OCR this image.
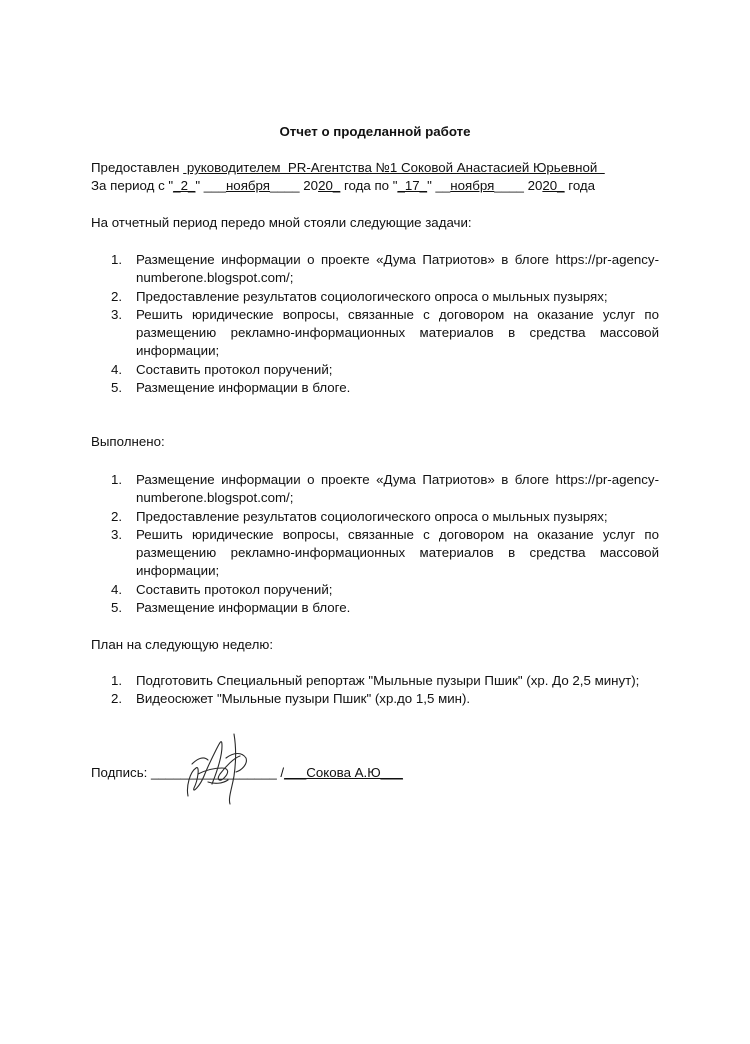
Отчет о проделанной работе
Предоставлен  руководителем  PR-Агентства №1 Соковой Анастасией Юрьевной
За период с "_2_" ___ноября____ 2020_ года по "_17_" __ноября____ 2020_ года
На отчетный период передо мной стояли следующие задачи:
1. Размещение информации о проекте «Дума Патриотов» в блоге https://pr-agency-numberone.blogspot.com/;
2. Предоставление результатов социологического опроса о мыльных пузырях;
3. Решить юридические вопросы, связанные с договором на оказание услуг по размещению рекламно-информационных материалов в средства массовой информации;
4. Составить протокол поручений;
5. Размещение информации в блоге.
Выполнено:
1. Размещение информации о проекте «Дума Патриотов» в блоге https://pr-agency-numberone.blogspot.com/;
2. Предоставление результатов социологического опроса о мыльных пузырях;
3. Решить юридические вопросы, связанные с договором на оказание услуг по размещению рекламно-информационных материалов в средства массовой информации;
4. Составить протокол поручений;
5. Размещение информации в блоге.
План на следующую неделю:
1. Подготовить Специальный репортаж "Мыльные пузыри Пшик" (хр. До 2,5 минут);
2. Видеосюжет "Мыльные пузыри Пшик" (хр.до 1,5 мин).
Подпись: _________________ /___Сокова А.Ю___
